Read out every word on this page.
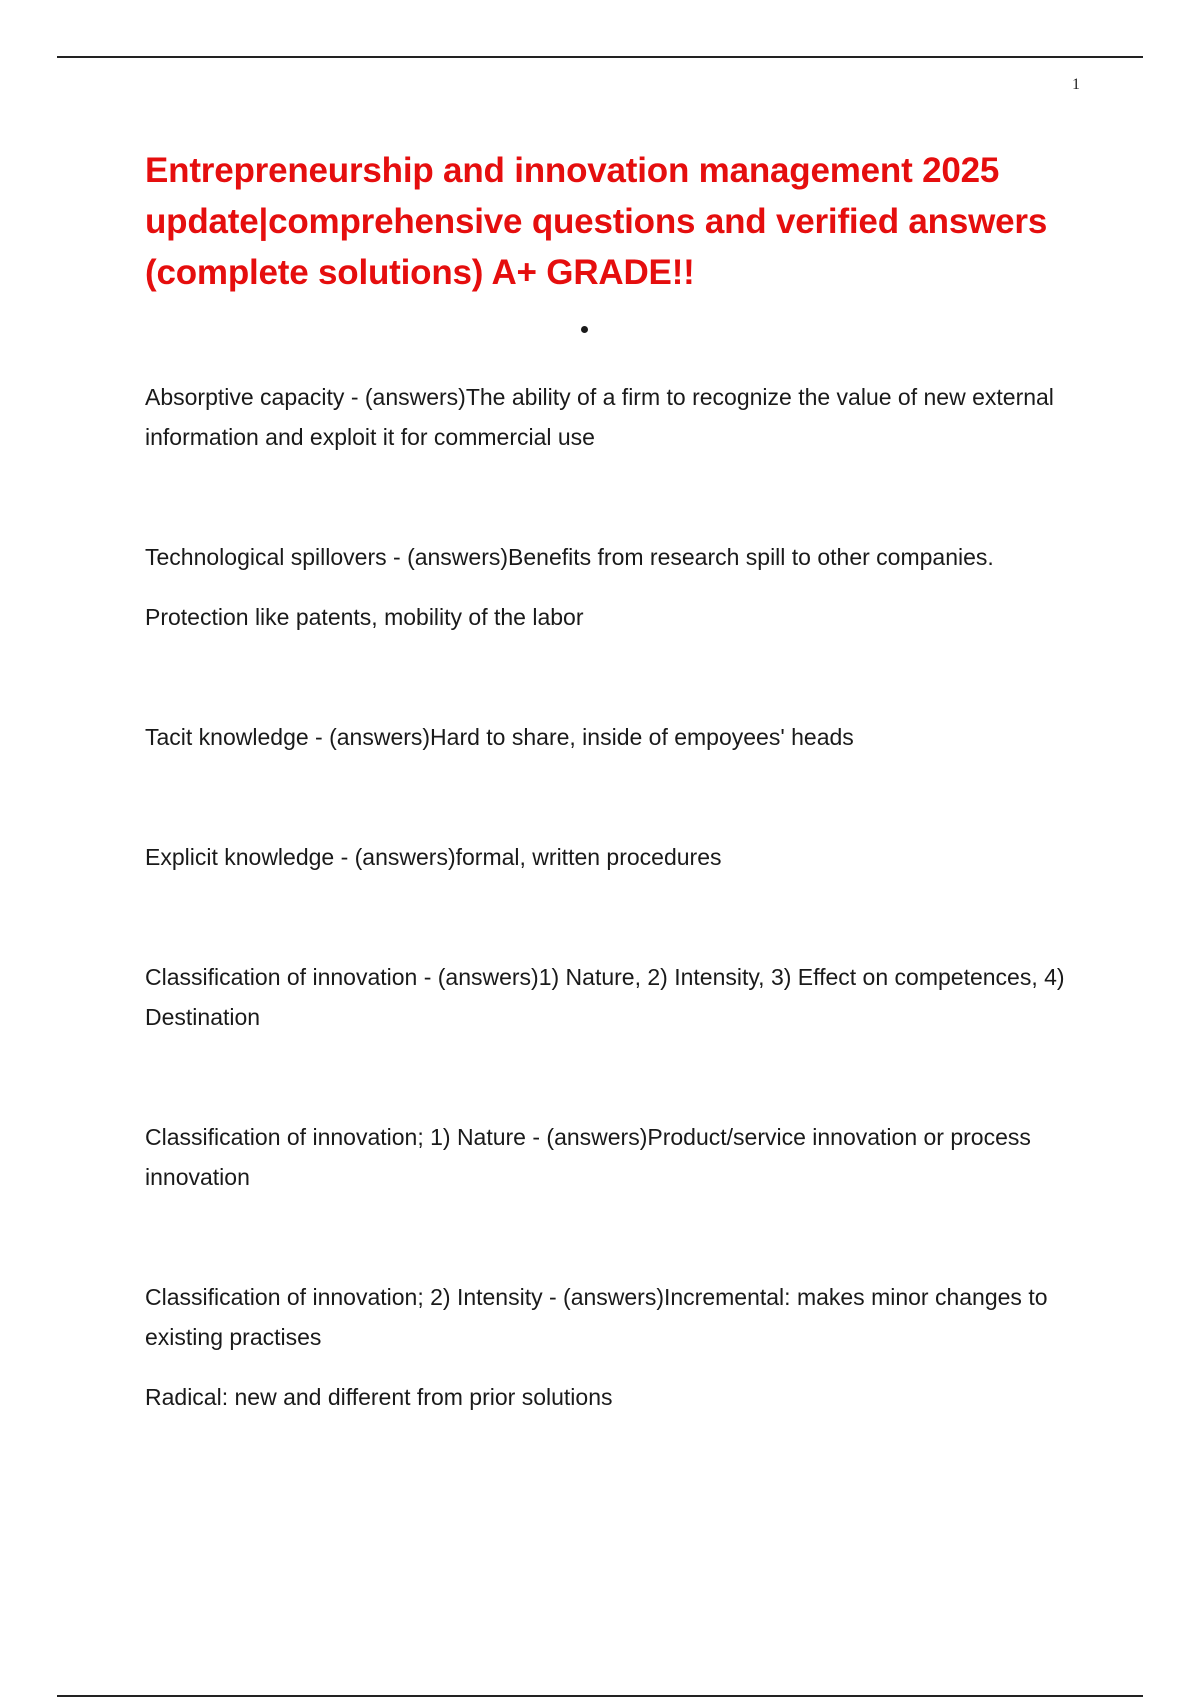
1
Entrepreneurship and innovation management 2025 update|comprehensive questions and verified answers (complete solutions) A+ GRADE!!

Absorptive capacity - (answers)The ability of a firm to recognize the value of new external information and exploit it for commercial use

Technological spillovers - (answers)Benefits from research spill to other companies.

Protection like patents, mobility of the labor

Tacit knowledge - (answers)Hard to share, inside of empoyees' heads

Explicit knowledge - (answers)formal, written procedures

Classification of innovation - (answers)1) Nature, 2) Intensity, 3) Effect on competences, 4) Destination

Classification of innovation; 1) Nature - (answers)Product/service innovation or process innovation

Classification of innovation; 2) Intensity - (answers)Incremental: makes minor changes to existing practises

Radical: new and different from prior solutions
